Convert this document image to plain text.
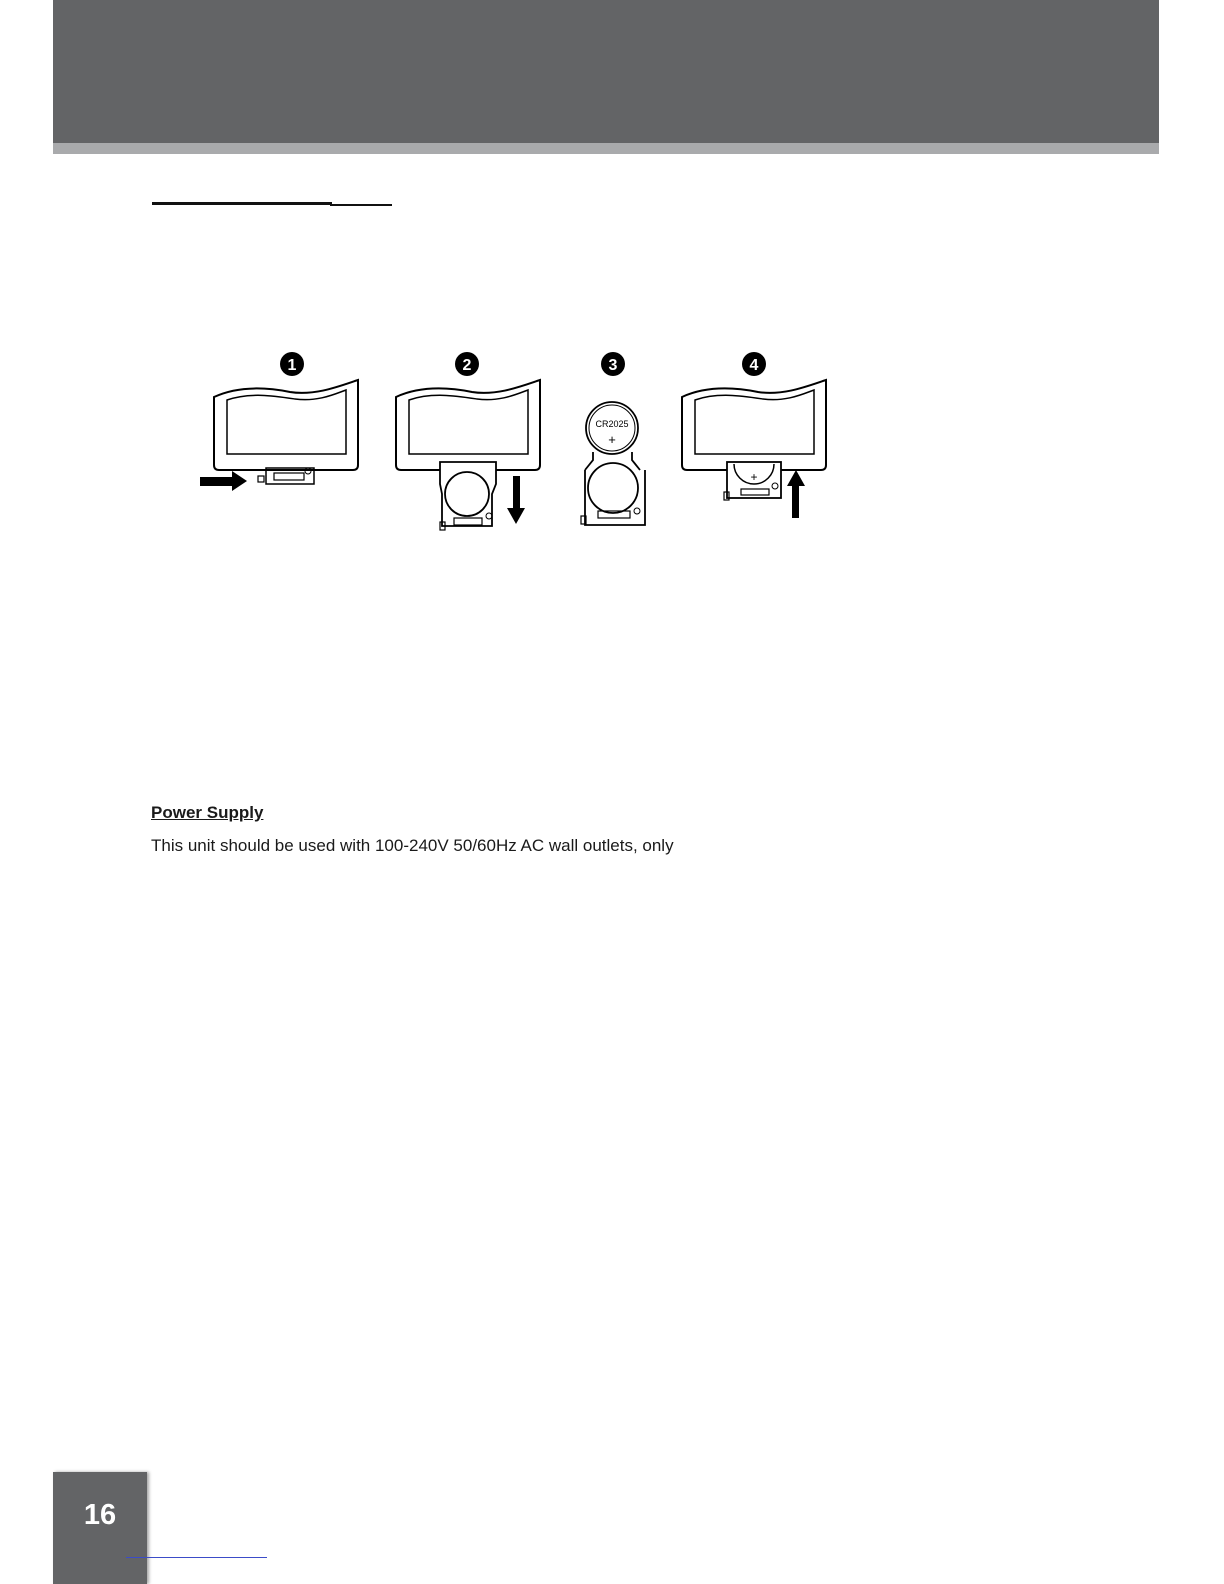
1	2	3
CR2025
+
4
+
Power Supply

This unit should be used with 100-240V 50/60Hz AC wall outlets, only

16
